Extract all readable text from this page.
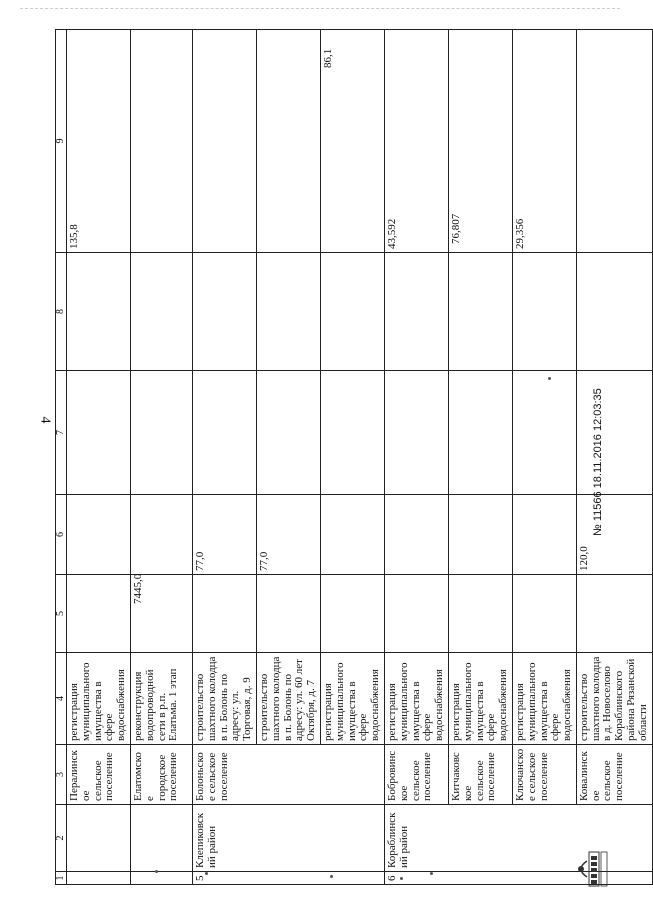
4
1	2	3	4	5	6	7	8	9
		Пералинское сельское поселение	регистрация муниципального имущества в сфере водоснабжения					135,8
		Елатомское городское поселение	реконструкция водопроводной сети в р.п. Елатьма. 1 этап	7445,0				
5	Клепиковский район	Болоньское сельское поселение	строительство шахтного колодца в п. Болонь по адресу: ул. Торговая, д. 9		77,0			
			строительство шахтного колодца в п. Болонь по адресу: ул. 60 лет Октября, д. 7		77,0			
			регистрация муниципального имущества в сфере водоснабжения					86,1
6	Кораблинский район	Бобровинское сельское поселение	регистрация муниципального имущества в сфере водоснабжения					43,592
		Китчаковское сельское поселение	регистрация муниципального имущества в сфере водоснабжения					76,807
		Ключанское сельское поселение	регистрация муниципального имущества в сфере водоснабжения					29,356
		Ковалинское сельское поселение	строительство шахтного колодца в д. Новоселово Кораблинского района Рязанской области		120,0			
№ 11566 18.11.2016 12:03:35
